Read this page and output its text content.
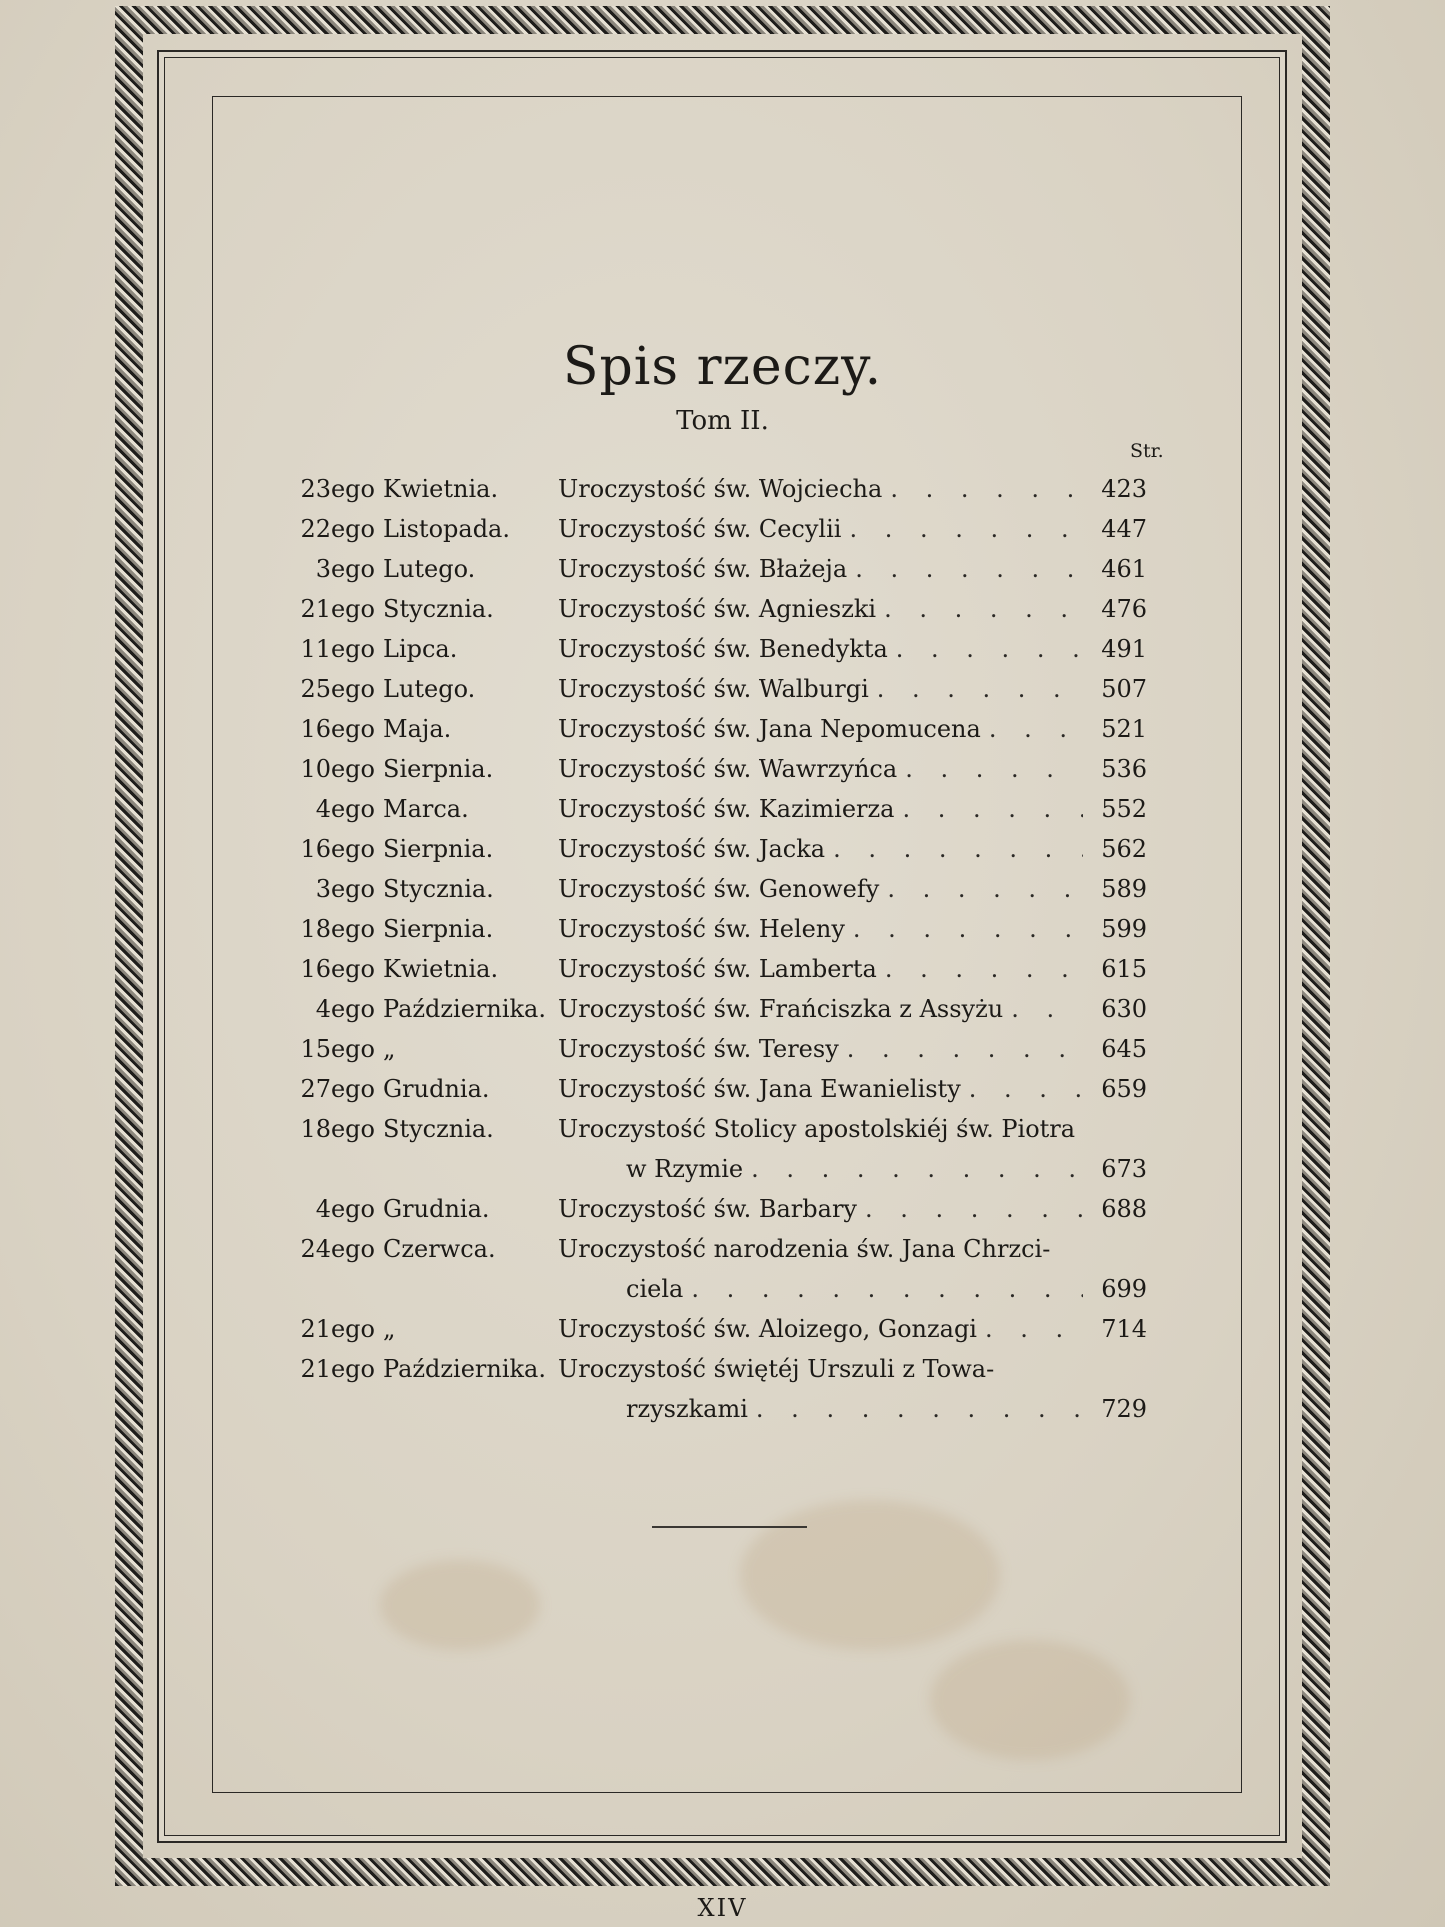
Spis rzeczy.
Tom II.
Str.
23ego Kwietnia.	Uroczystość św. Wojciecha . . .	423
22ego Listopada.	Uroczystość św. Cecylii . . .	447
3ego Lutego.	Uroczystość św. Błażeja . . .	461
21ego Stycznia.	Uroczystość św. Agnieszki . . .	476
11ego Lipca.	Uroczystość św. Benedykta . . .	491
25ego Lutego.	Uroczystość św. Walburgi . . .	507
16ego Maja.	Uroczystość św. Jana Nepomucena . . .	521
10ego Sierpnia.	Uroczystość św. Wawrzyńca . . .	536
4ego Marca.	Uroczystość św. Kazimierza . . .	552
16ego Sierpnia.	Uroczystość św. Jacka . . .	562
3ego Stycznia.	Uroczystość św. Genowefy . . .	589
18ego Sierpnia.	Uroczystość św. Heleny . . .	599
16ego Kwietnia.	Uroczystość św. Lamberta . . .	615
4ego Października. Uroczystość św. Frańciszka z Assyżu . . .	630
15ego „	Uroczystość św. Teresy . . .	645
27ego Grudnia.	Uroczystość św. Jana Ewanielisty . . .	659
18ego Stycznia.	Uroczystość Stolicy apostolskiéj św. Piotra
w Rzymie . . .	673
4ego Grudnia.	Uroczystość św. Barbary . . .	688
24ego Czerwca.	Uroczystość narodzenia św. Jana Chrzci-
ciela . . .	699
21ego „	Uroczystość św. Aloizego, Gonzagi . . .	714
21ego Października. Uroczystość świętéj Urszuli z Towa-
rzyszkami . . .	729
XIV
